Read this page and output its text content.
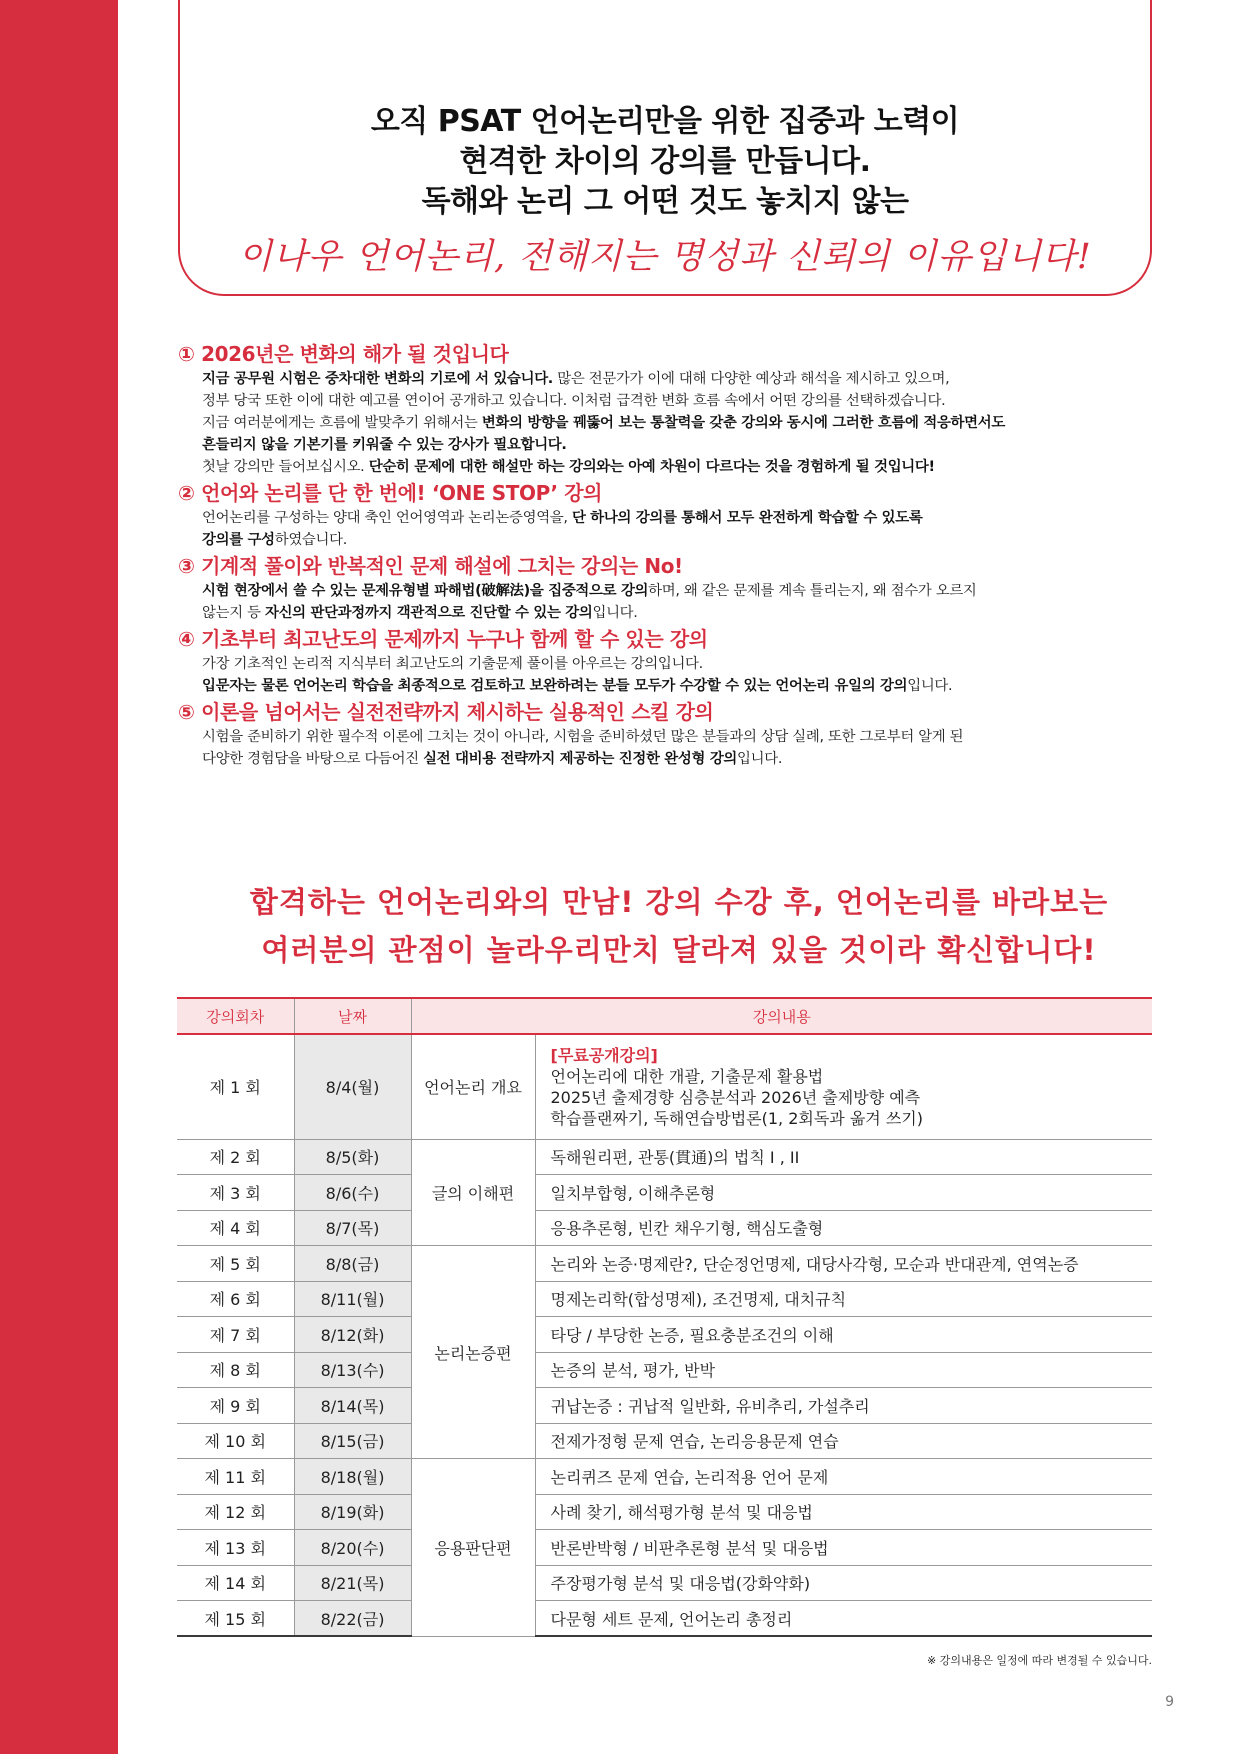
오직 PSAT 언어논리만을 위한 집중과 노력이
현격한 차이의 강의를 만듭니다.
독해와 논리 그 어떤 것도 놓치지 않는
이나우 언어논리, 전해지는 명성과 신뢰의 이유입니다!
① 2026년은 변화의 해가 될 것입니다
지금 공무원 시험은 중차대한 변화의 기로에 서 있습니다. 많은 전문가가 이에 대해 다양한 예상과 해석을 제시하고 있으며,
정부 당국 또한 이에 대한 예고를 연이어 공개하고 있습니다. 이처럼 급격한 변화 흐름 속에서 어떤 강의를 선택하겠습니다.
지금 여러분에게는 흐름에 발맞추기 위해서는 변화의 방향을 꿰뚫어 보는 통찰력을 갖춘 강의와 동시에 그러한 흐름에 적응하면서도
흔들리지 않을 기본기를 키워줄 수 있는 강사가 필요합니다.
첫날 강의만 들어보십시오. 단순히 문제에 대한 해설만 하는 강의와는 아예 차원이 다르다는 것을 경험하게 될 것입니다!
② 언어와 논리를 단 한 번에! ‘ONE STOP’ 강의
언어논리를 구성하는 양대 축인 언어영역과 논리논증영역을, 단 하나의 강의를 통해서 모두 완전하게 학습할 수 있도록
강의를 구성하였습니다.
③ 기계적 풀이와 반복적인 문제 해설에 그치는 강의는 No!
시험 현장에서 쓸 수 있는 문제유형별 파해법(破解法)을 집중적으로 강의하며, 왜 같은 문제를 계속 틀리는지, 왜 점수가 오르지
않는지 등 자신의 판단과정까지 객관적으로 진단할 수 있는 강의입니다.
④ 기초부터 최고난도의 문제까지 누구나 함께 할 수 있는 강의
가장 기초적인 논리적 지식부터 최고난도의 기출문제 풀이를 아우르는 강의입니다.
입문자는 물론 언어논리 학습을 최종적으로 검토하고 보완하려는 분들 모두가 수강할 수 있는 언어논리 유일의 강의입니다.
⑤ 이론을 넘어서는 실전전략까지 제시하는 실용적인 스킬 강의
시험을 준비하기 위한 필수적 이론에 그치는 것이 아니라, 시험을 준비하셨던 많은 분들과의 상담 실례, 또한 그로부터 알게 된
다양한 경험담을 바탕으로 다듬어진 실전 대비용 전략까지 제공하는 진정한 완성형 강의입니다.
합격하는 언어논리와의 만남! 강의 수강 후, 언어논리를 바라보는
여러분의 관점이 놀라우리만치 달라져 있을 것이라 확신합니다!
강의회차	날짜	강의내용	
제 1 회	8/4(월)	언어논리 개요	[무료공개강의]
언어논리에 대한 개괄, 기출문제 활용법
2025년 출제경향 심층분석과 2026년 출제방향 예측
학습플랜짜기, 독해연습방법론(1, 2회독과 옮겨 쓰기)

제 2 회	8/5(화)	글의 이해편	독해원리편, 관통(貫通)의 법칙 I , II
제 3 회	8/6(수)		일치부합형, 이해추론형
제 4 회	8/7(목)		응용추론형, 빈칸 채우기형, 핵심도출형
제 5 회	8/8(금)	논리논증편	논리와 논증·명제란?, 단순정언명제, 대당사각형, 모순과 반대관계, 연역논증
제 6 회	8/11(월)		명제논리학(합성명제), 조건명제, 대치규칙
제 7 회	8/12(화)		타당 / 부당한 논증, 필요충분조건의 이해
제 8 회	8/13(수)		논증의 분석, 평가, 반박
제 9 회	8/14(목)		귀납논증 : 귀납적 일반화, 유비추리, 가설추리
제 10 회	8/15(금)		전제가정형 문제 연습, 논리응용문제 연습
제 11 회	8/18(월)	응용판단편	논리퀴즈 문제 연습, 논리적용 언어 문제
제 12 회	8/19(화)		사례 찾기, 해석평가형 분석 및 대응법
제 13 회	8/20(수)		반론반박형 / 비판추론형 분석 및 대응법
제 14 회	8/21(목)		주장평가형 분석 및 대응법(강화약화)
제 15 회	8/22(금)		다문형 세트 문제, 언어논리 총정리
※ 강의내용은 일정에 따라 변경될 수 있습니다.
9
